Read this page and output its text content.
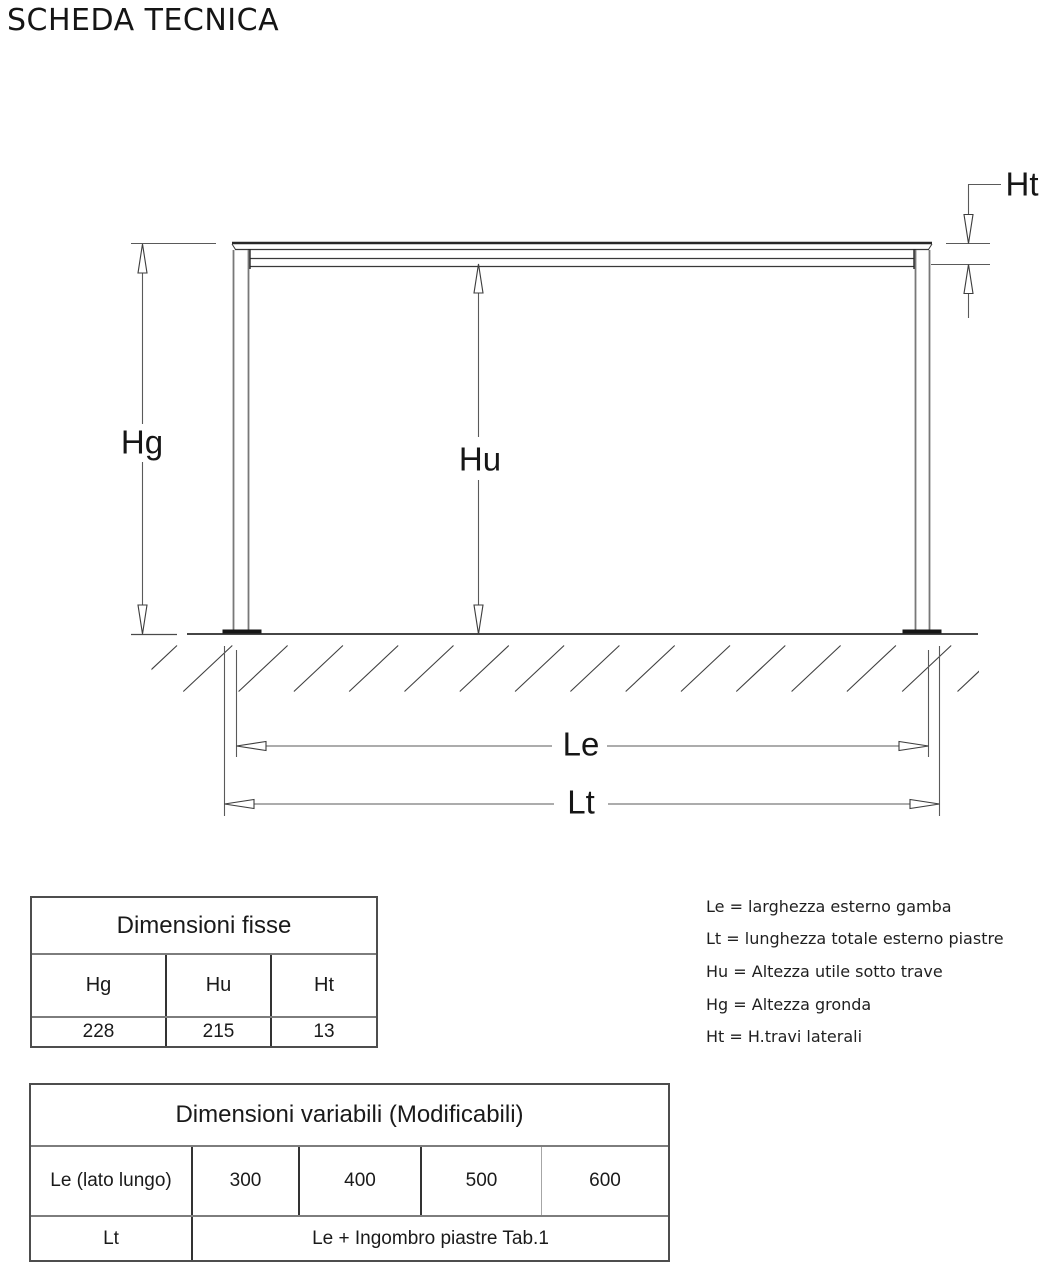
SCHEDA TECNICA
Hg	Hu
Ht
Le
Lt
Le = larghezza esterno gamba
Lt = lunghezza totale esterno piastre
Hu = Altezza utile sotto trave
Hg = Altezza gronda
Ht = H.travi laterali
Dimensioni fisse
Hg	Hu	Ht
228	215	13
Dimensioni variabili (Modificabili)
Le (lato lungo)	300	400	500	600
Lt	Le + Ingombro piastre Tab.1
